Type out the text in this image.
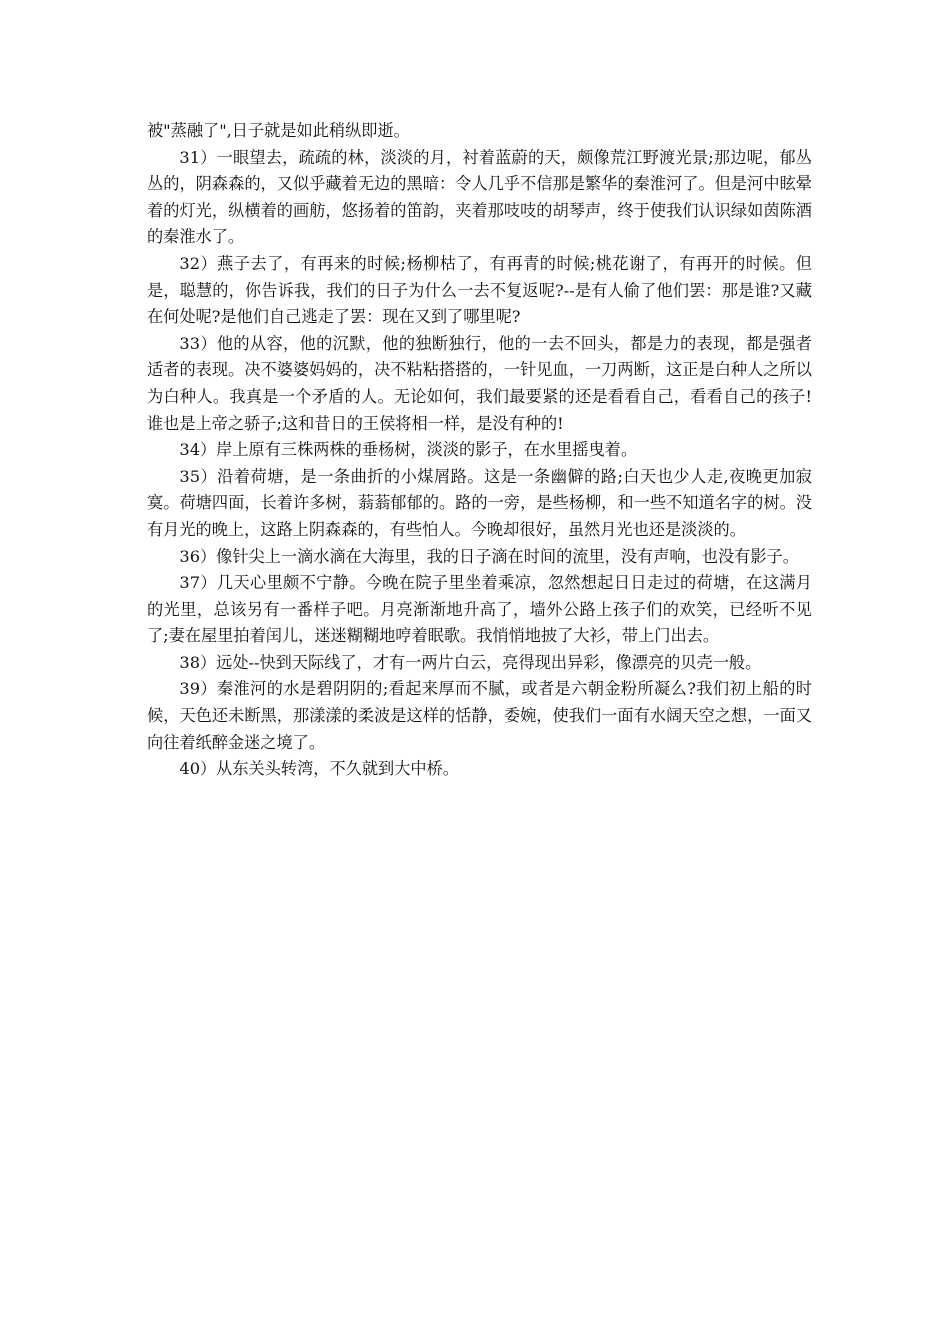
被"蒸融了",日子就是如此稍纵即逝。

31）一眼望去，疏疏的林，淡淡的月，衬着蓝蔚的天，颇像荒江野渡光景;那边呢，郁丛丛的，阴森森的，又似乎藏着无边的黑暗：令人几乎不信那是繁华的秦淮河了。但是河中眩晕着的灯光，纵横着的画舫，悠扬着的笛韵，夹着那吱吱的胡琴声，终于使我们认识绿如茵陈酒的秦淮水了。

32）燕子去了，有再来的时候;杨柳枯了，有再青的时候;桃花谢了，有再开的时候。但是，聪慧的，你告诉我，我们的日子为什么一去不复返呢?--是有人偷了他们罢：那是谁?又藏在何处呢?是他们自己逃走了罢：现在又到了哪里呢?

33）他的从容，他的沉默，他的独断独行，他的一去不回头，都是力的表现，都是强者适者的表现。决不婆婆妈妈的，决不粘粘搭搭的，一针见血，一刀两断，这正是白种人之所以为白种人。我真是一个矛盾的人。无论如何，我们最要紧的还是看看自己，看看自己的孩子!谁也是上帝之骄子;这和昔日的王侯将相一样，是没有种的!

34）岸上原有三株两株的垂杨树，淡淡的影子，在水里摇曳着。

35）沿着荷塘，是一条曲折的小煤屑路。这是一条幽僻的路;白天也少人走,夜晚更加寂寞。荷塘四面，长着许多树，蓊蓊郁郁的。路的一旁，是些杨柳，和一些不知道名字的树。没有月光的晚上，这路上阴森森的，有些怕人。今晚却很好，虽然月光也还是淡淡的。

36）像针尖上一滴水滴在大海里，我的日子滴在时间的流里，没有声响，也没有影子。

37）几天心里颇不宁静。今晚在院子里坐着乘凉，忽然想起日日走过的荷塘，在这满月的光里，总该另有一番样子吧。月亮渐渐地升高了，墙外公路上孩子们的欢笑，已经听不见了;妻在屋里拍着闰儿，迷迷糊糊地哼着眠歌。我悄悄地披了大衫，带上门出去。

38）远处--快到天际线了，才有一两片白云，亮得现出异彩，像漂亮的贝壳一般。

39）秦淮河的水是碧阴阴的;看起来厚而不腻，或者是六朝金粉所凝么?我们初上船的时候，天色还未断黑，那漾漾的柔波是这样的恬静，委婉，使我们一面有水阔天空之想，一面又向往着纸醉金迷之境了。

40）从东关头转湾，不久就到大中桥。
